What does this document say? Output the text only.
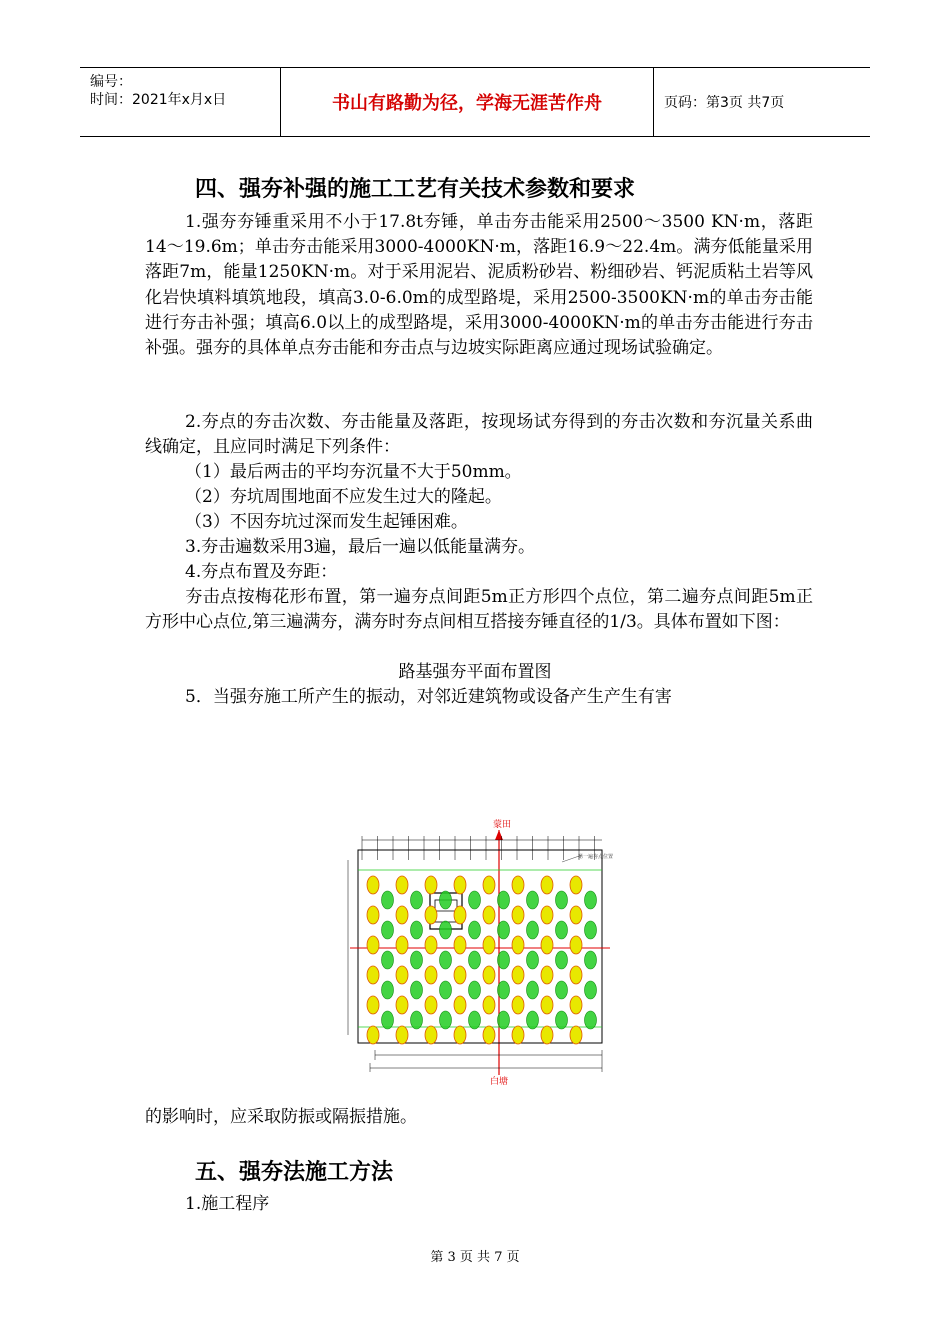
编号：
时间：2021年x月x日	书山有路勤为径，学海无涯苦作舟	页码：第3页 共7页
四、强夯补强的施工工艺有关技术参数和要求
1.强夯夯锤重采用不小于17.8t夯锤，单击夯击能采用2500～3500 KN·m，落距14～19.6m；单击夯击能采用3000-4000KN·m，落距16.9～22.4m。满夯低能量采用落距7m，能量1250KN·m。对于采用泥岩、泥质粉砂岩、粉细砂岩、钙泥质粘土岩等风化岩快填料填筑地段，填高3.0-6.0m的成型路堤，采用2500-3500KN·m的单击夯击能进行夯击补强；填高6.0以上的成型路堤，采用3000-4000KN·m的单击夯击能进行夯击补强。强夯的具体单点夯击能和夯击点与边坡实际距离应通过现场试验确定。
2.夯点的夯击次数、夯击能量及落距，按现场试夯得到的夯击次数和夯沉量关系曲线确定，且应同时满足下列条件：
（1）最后两击的平均夯沉量不大于50mm。
（2）夯坑周围地面不应发生过大的隆起。
（3）不因夯坑过深而发生起锤困难。
3.夯击遍数采用3遍，最后一遍以低能量满夯。
4.夯点布置及夯距：
夯击点按梅花形布置，第一遍夯点间距5m正方形四个点位，第二遍夯点间距5m正方形中心点位,第三遍满夯，满夯时夯点间相互搭接夯锤直径的1/3。具体布置如下图：
路基强夯平面布置图
5．当强夯施工所产生的振动，对邻近建筑物或设备产生产生有害
蒙田
第一遍夯点位置
白塘
的影响时，应采取防振或隔振措施。
五、强夯法施工方法
1.施工程序
第 3 页 共 7 页
